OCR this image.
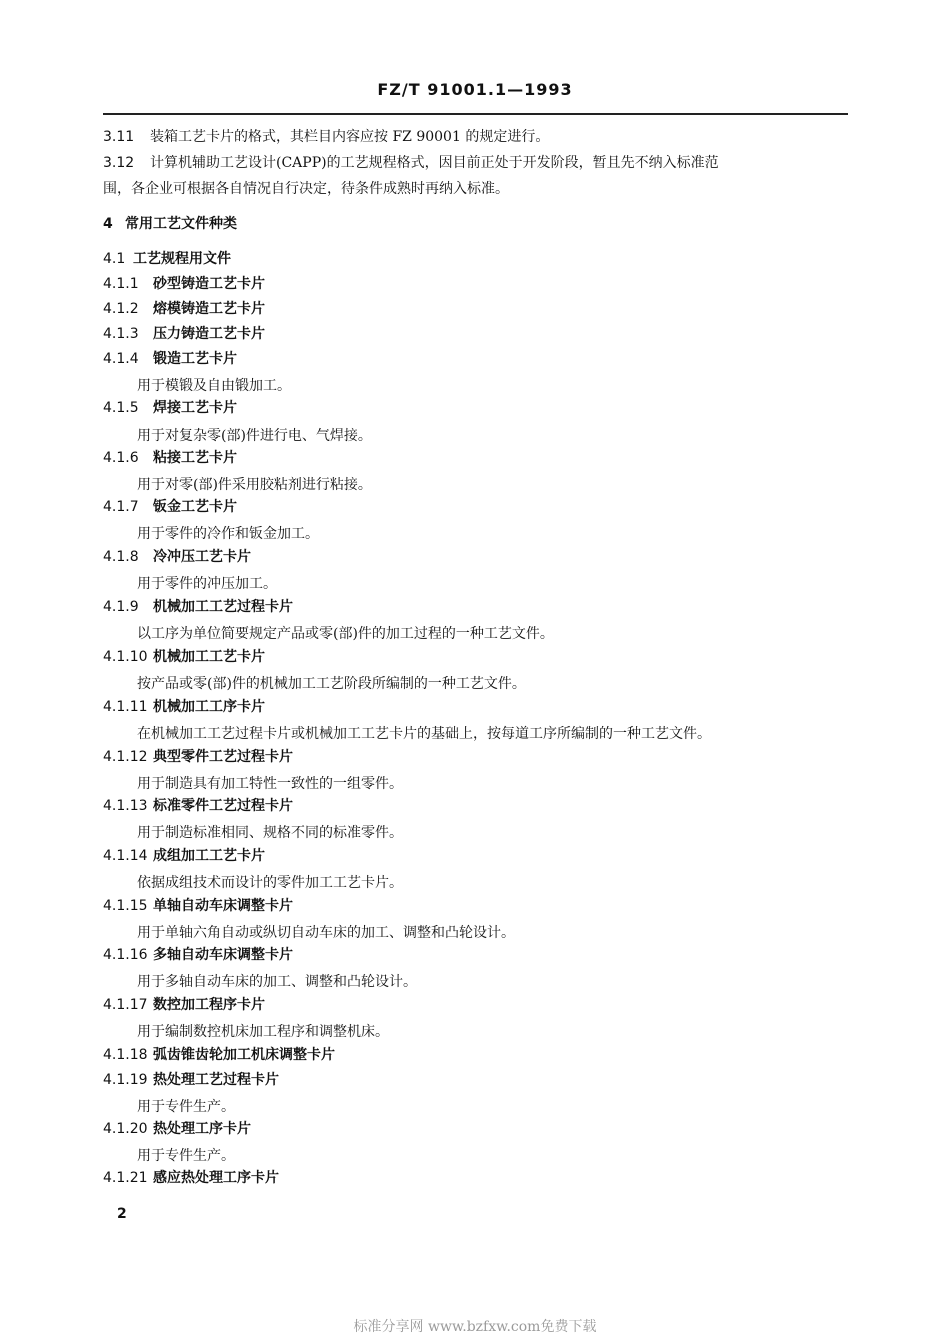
FZ/T 91001.1—1993
3.11 装箱工艺卡片的格式，其栏目内容应按 FZ 90001 的规定进行。
3.12 计算机辅助工艺设计(CAPP)的工艺规程格式，因目前正处于开发阶段，暂且先不纳入标准范
围，各企业可根据各自情况自行决定，待条件成熟时再纳入标准。
4 常用工艺文件种类
4.1 工艺规程用文件
4.1.1 砂型铸造工艺卡片
4.1.2 熔模铸造工艺卡片
4.1.3 压力铸造工艺卡片
4.1.4 锻造工艺卡片
用于模锻及自由锻加工。
4.1.5 焊接工艺卡片
用于对复杂零(部)件进行电、气焊接。
4.1.6 粘接工艺卡片
用于对零(部)件采用胶粘剂进行粘接。
4.1.7 钣金工艺卡片
用于零件的冷作和钣金加工。
4.1.8 冷冲压工艺卡片
用于零件的冲压加工。
4.1.9 机械加工工艺过程卡片
以工序为单位简要规定产品或零(部)件的加工过程的一种工艺文件。
4.1.10 机械加工工艺卡片
按产品或零(部)件的机械加工工艺阶段所编制的一种工艺文件。
4.1.11 机械加工工序卡片
在机械加工工艺过程卡片或机械加工工艺卡片的基础上，按每道工序所编制的一种工艺文件。
4.1.12 典型零件工艺过程卡片
用于制造具有加工特性一致性的一组零件。
4.1.13 标准零件工艺过程卡片
用于制造标准相同、规格不同的标准零件。
4.1.14 成组加工工艺卡片
依据成组技术而设计的零件加工工艺卡片。
4.1.15 单轴自动车床调整卡片
用于单轴六角自动或纵切自动车床的加工、调整和凸轮设计。
4.1.16 多轴自动车床调整卡片
用于多轴自动车床的加工、调整和凸轮设计。
4.1.17 数控加工程序卡片
用于编制数控机床加工程序和调整机床。
4.1.18 弧齿锥齿轮加工机床调整卡片
4.1.19 热处理工艺过程卡片
用于专件生产。
4.1.20 热处理工序卡片
用于专件生产。
4.1.21 感应热处理工序卡片
2
标准分享网 www.bzfxw.com免费下载
